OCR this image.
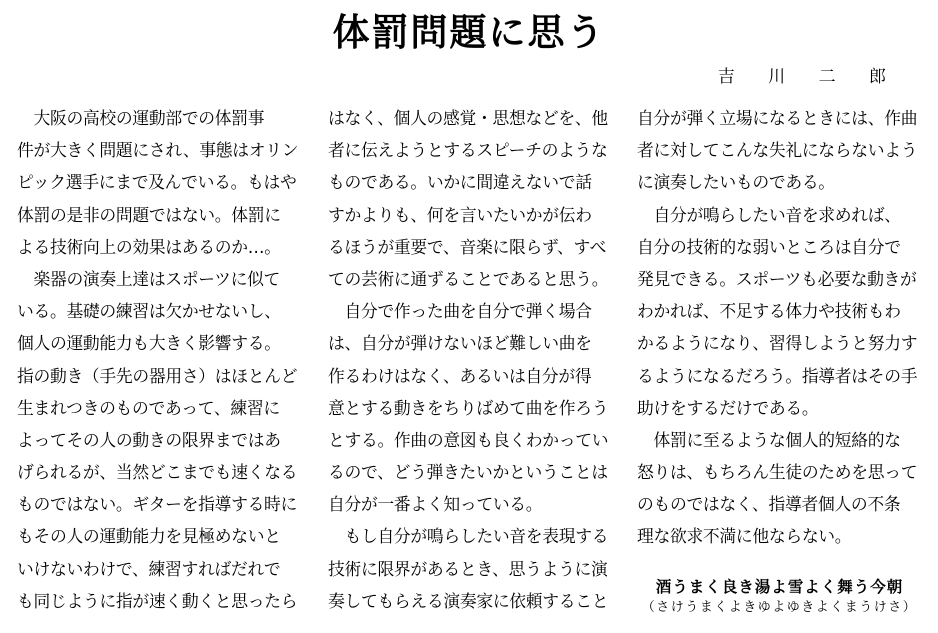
体罰問題に思う

吉 川 二 郎

　大阪の高校の運動部での体罰事
件が大きく問題にされ、事態はオリン
ピック選手にまで及んでいる。もはや
体罰の是非の問題ではない。体罰に
よる技術向上の効果はあるのか…。
　楽器の演奏上達はスポーツに似て
いる。基礎の練習は欠かせないし、
個人の運動能力も大きく影響する。
指の動き（手先の器用さ）はほとんど
生まれつきのものであって、練習に
よってその人の動きの限界まではあ
げられるが、当然どこまでも速くなる
ものではない。ギターを指導する時に
もその人の運動能力を見極めないと
いけないわけで、練習すればだれで
も同じように指が速く動くと思ったら
はなく、個人の感覚・思想などを、他
者に伝えようとするスピーチのような
ものである。いかに間違えないで話
すかよりも、何を言いたいかが伝わ
るほうが重要で、音楽に限らず、すべ
ての芸術に通ずることであると思う。
　自分で作った曲を自分で弾く場合
は、自分が弾けないほど難しい曲を
作るわけはなく、あるいは自分が得
意とする動きをちりばめて曲を作ろう
とする。作曲の意図も良くわかってい
るので、どう弾きたいかということは
自分が一番よく知っている。
　もし自分が鳴らしたい音を表現する
技術に限界があるとき、思うように演
奏してもらえる演奏家に依頼すること
自分が弾く立場になるときには、作曲
者に対してこんな失礼にならないよう
に演奏したいものである。
　自分が鳴らしたい音を求めれば、
自分の技術的な弱いところは自分で
発見できる。スポーツも必要な動きが
わかれば、不足する体力や技術もわ
かるようになり、習得しようと努力す
るようになるだろう。指導者はその手
助けをするだけである。
　体罰に至るような個人的短絡的な
怒りは、もちろん生徒のためを思って
のものではなく、指導者個人の不条
理な欲求不満に他ならない。

酒うまく良き湯よ雪よく舞う今朝

（さけうまくよきゆよゆきよくまうけさ）
